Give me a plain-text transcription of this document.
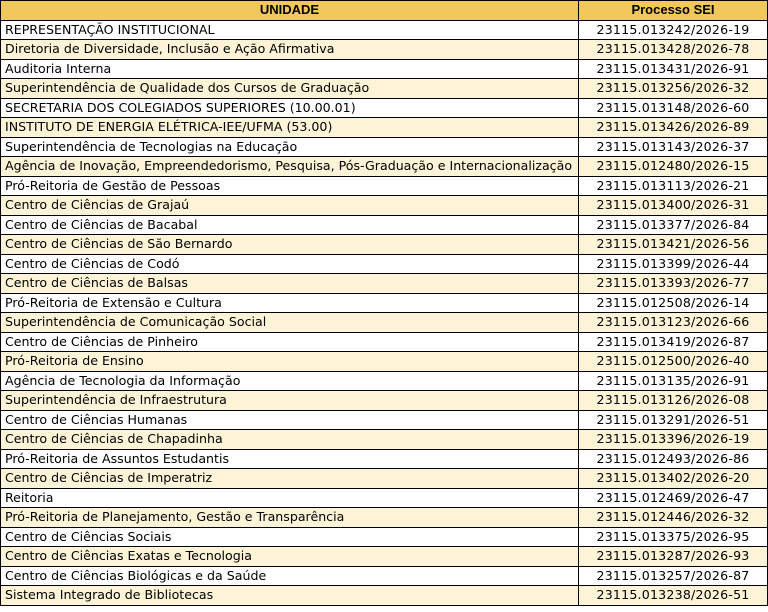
UNIDADE	Processo SEI
REPRESENTAÇÃO INSTITUCIONAL	23115.013242/2026-19
Diretoria de Diversidade, Inclusão e Ação Afirmativa	23115.013428/2026-78
Auditoria Interna	23115.013431/2026-91
Superintendência de Qualidade dos Cursos de Graduação	23115.013256/2026-32
SECRETARIA DOS COLEGIADOS SUPERIORES (10.00.01)	23115.013148/2026-60
INSTITUTO DE ENERGIA ELÉTRICA-IEE/UFMA (53.00)	23115.013426/2026-89
Superintendência de Tecnologias na Educação	23115.013143/2026-37
Agência de Inovação, Empreendedorismo, Pesquisa, Pós-Graduação e Internacionalização	23115.012480/2026-15
Pró-Reitoria de Gestão de Pessoas	23115.013113/2026-21
Centro de Ciências de Grajaú	23115.013400/2026-31
Centro de Ciências de Bacabal	23115.013377/2026-84
Centro de Ciências de São Bernardo	23115.013421/2026-56
Centro de Ciências de Codó	23115.013399/2026-44
Centro de Ciências de Balsas	23115.013393/2026-77
Pró-Reitoria de Extensão e Cultura	23115.012508/2026-14
Superintendência de Comunicação Social	23115.013123/2026-66
Centro de Ciências de Pinheiro	23115.013419/2026-87
Pró-Reitoria de Ensino	23115.012500/2026-40
Agência de Tecnologia da Informação	23115.013135/2026-91
Superintendência de Infraestrutura	23115.013126/2026-08
Centro de Ciências Humanas	23115.013291/2026-51
Centro de Ciências de Chapadinha	23115.013396/2026-19
Pró-Reitoria de Assuntos Estudantis	23115.012493/2026-86
Centro de Ciências de Imperatriz	23115.013402/2026-20
Reitoria	23115.012469/2026-47
Pró-Reitoria de Planejamento, Gestão e Transparência	23115.012446/2026-32
Centro de Ciências Sociais	23115.013375/2026-95
Centro de Ciências Exatas e Tecnologia	23115.013287/2026-93
Centro de Ciências Biológicas e da Saúde	23115.013257/2026-87
Sistema Integrado de Bibliotecas	23115.013238/2026-51
